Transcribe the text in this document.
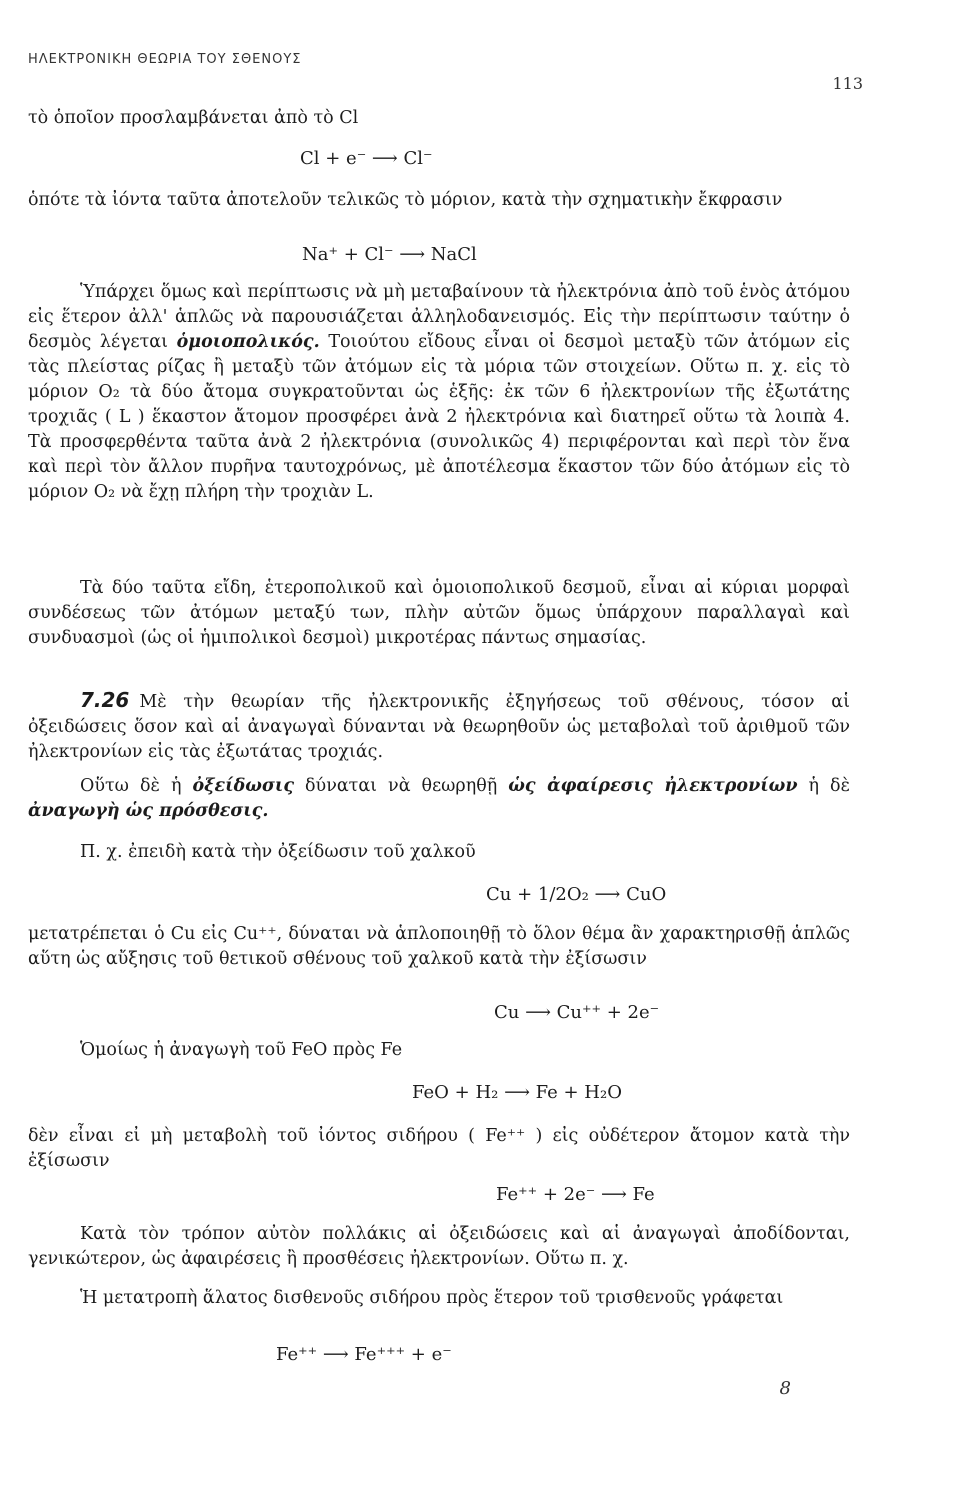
ΗΛΕΚΤΡΟΝΙΚΗ ΘΕΩΡΙΑ ΤΟΥ ΣΘΕΝΟΥΣ
113

τὸ ὁποῖον προσλαμβάνεται ἀπὸ τὸ Cl

Cl + e⁻ ⟶ Cl⁻

ὁπότε τὰ ἰόντα ταῦτα ἀποτελοῦν τελικῶς τὸ μόριον, κατὰ τὴν σχηματικὴν ἔκφρασιν

Na⁺ + Cl⁻ ⟶ NaCl

Ὑπάρχει ὅμως καὶ περίπτωσις νὰ μὴ μεταβαίνουν τὰ ἠλεκτρόνια ἀπὸ τοῦ ἑνὸς ἀτόμου εἰς ἕτερον ἀλλ' ἁπλῶς νὰ παρουσιάζεται ἀλληλοδανεισμός. Εἰς τὴν περίπτωσιν ταύτην ὁ δεσμὸς λέγεται ὁμοιοπολικός. Τοιούτου εἴδους εἶναι οἱ δεσμοὶ μεταξὺ τῶν ἀτόμων εἰς τὰς πλείστας ρίζας ἢ μεταξὺ τῶν ἀτόμων εἰς τὰ μόρια τῶν στοιχείων. Οὕτω π. χ. εἰς τὸ μόριον O₂ τὰ δύο ἄτομα συγκρατοῦνται ὡς ἑξῆς: ἐκ τῶν 6 ἠλεκτρονίων τῆς ἐξωτάτης τροχιᾶς ( L ) ἕκαστον ἄτομον προσφέρει ἀνὰ 2 ἠλεκτρόνια καὶ διατηρεῖ οὕτω τὰ λοιπὰ 4. Τὰ προσφερθέντα ταῦτα ἀνὰ 2 ἠλεκτρόνια (συνολικῶς 4) περιφέρονται καὶ περὶ τὸν ἕνα καὶ περὶ τὸν ἄλλον πυρῆνα ταυτοχρόνως, μὲ ἀποτέλεσμα ἕκαστον τῶν δύο ἀτόμων εἰς τὸ μόριον O₂ νὰ ἔχῃ πλήρη τὴν τροχιὰν L.

Τὰ δύο ταῦτα εἴδη, ἑτεροπολικοῦ καὶ ὁμοιοπολικοῦ δεσμοῦ, εἶναι αἱ κύριαι μορφαὶ συνδέσεως τῶν ἀτόμων μεταξύ των, πλὴν αὐτῶν ὅμως ὑπάρχουν παραλλαγαὶ καὶ συνδυασμοὶ (ὡς οἱ ἡμιπολικοὶ δεσμοὶ) μικροτέρας πάντως σημασίας.

7.26 Μὲ τὴν θεωρίαν τῆς ἠλεκτρονικῆς ἐξηγήσεως τοῦ σθένους, τόσον αἱ ὀξειδώσεις ὅσον καὶ αἱ ἀναγωγαὶ δύνανται νὰ θεωρηθοῦν ὡς μεταβολαὶ τοῦ ἀριθμοῦ τῶν ἠλεκτρονίων εἰς τὰς ἐξωτάτας τροχιάς.

Οὕτω δὲ ἡ ὀξείδωσις δύναται νὰ θεωρηθῇ ὡς ἀφαίρεσις ἠλεκτρονίων ἡ δὲ ἀναγωγὴ ὡς πρόσθεσις.

Π. χ. ἐπειδὴ κατὰ τὴν ὀξείδωσιν τοῦ χαλκοῦ

Cu + 1/2O₂ ⟶ CuO

μετατρέπεται ὁ Cu εἰς Cu⁺⁺, δύναται νὰ ἁπλοποιηθῇ τὸ ὅλον θέμα ἂν χαρακτηρισθῇ ἁπλῶς αὕτη ὡς αὔξησις τοῦ θετικοῦ σθένους τοῦ χαλκοῦ κατὰ τὴν ἐξίσωσιν

Cu ⟶ Cu⁺⁺ + 2e⁻

Ὁμοίως ἡ ἀναγωγὴ τοῦ FeO πρὸς Fe

FeO + H₂ ⟶ Fe + H₂O

δὲν εἶναι εἰ μὴ μεταβολὴ τοῦ ἰόντος σιδήρου ( Fe⁺⁺ ) εἰς οὐδέτερον ἄτομον κατὰ τὴν ἐξίσωσιν

Fe⁺⁺ + 2e⁻ ⟶ Fe

Κατὰ τὸν τρόπον αὐτὸν πολλάκις αἱ ὀξειδώσεις καὶ αἱ ἀναγωγαὶ ἀποδίδονται, γενικώτερον, ὡς ἀφαιρέσεις ἢ προσθέσεις ἠλεκτρονίων. Οὕτω π. χ.

Ἡ μετατροπὴ ἅλατος δισθενοῦς σιδήρου πρὸς ἕτερον τοῦ τρισθενοῦς γράφεται

Fe⁺⁺ ⟶ Fe⁺⁺⁺ + e⁻
8
